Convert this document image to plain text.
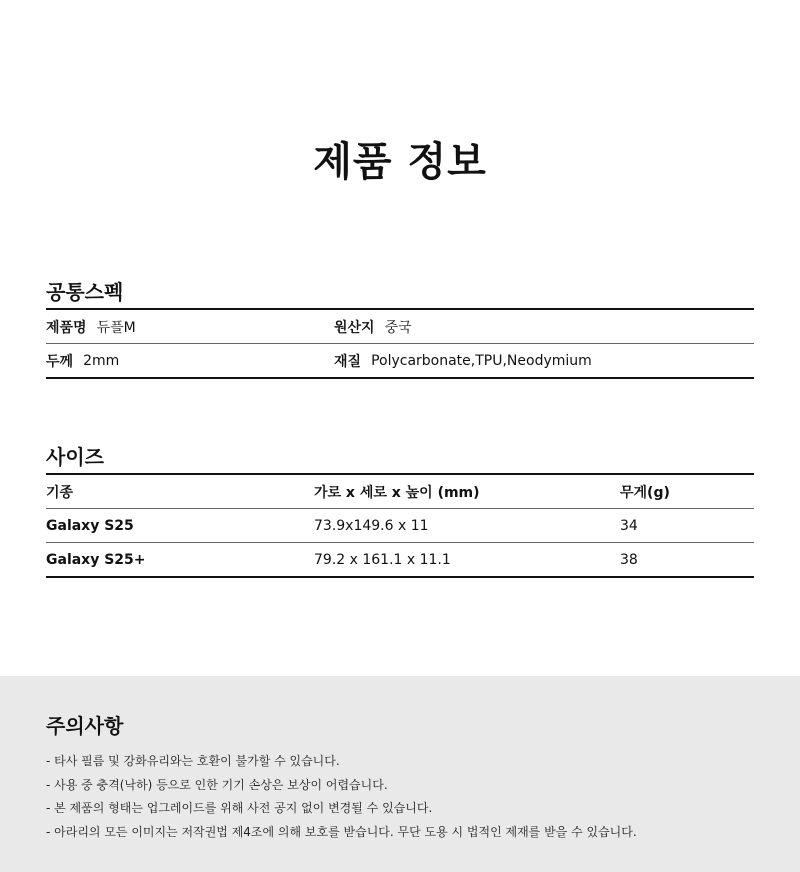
제품 정보
공통스펙
제품명 듀플M	원산지 중국
두께 2mm	재질 Polycarbonate,TPU,Neodymium
사이즈
기종	가로 x 세로 x 높이 (mm)	무게(g)
Galaxy S25	73.9x149.6 x 11	34
Galaxy S25+	79.2 x 161.1 x 11.1	38
주의사항
- 타사 필름 및 강화유리와는 호환이 불가할 수 있습니다.
- 사용 중 충격(낙하) 등으로 인한 기기 손상은 보상이 어렵습니다.
- 본 제품의 형태는 업그레이드를 위해 사전 공지 없이 변경될 수 있습니다.
- 아라리의 모든 이미지는 저작권법 제4조에 의해 보호를 받습니다. 무단 도용 시 법적인 제재를 받을 수 있습니다.
